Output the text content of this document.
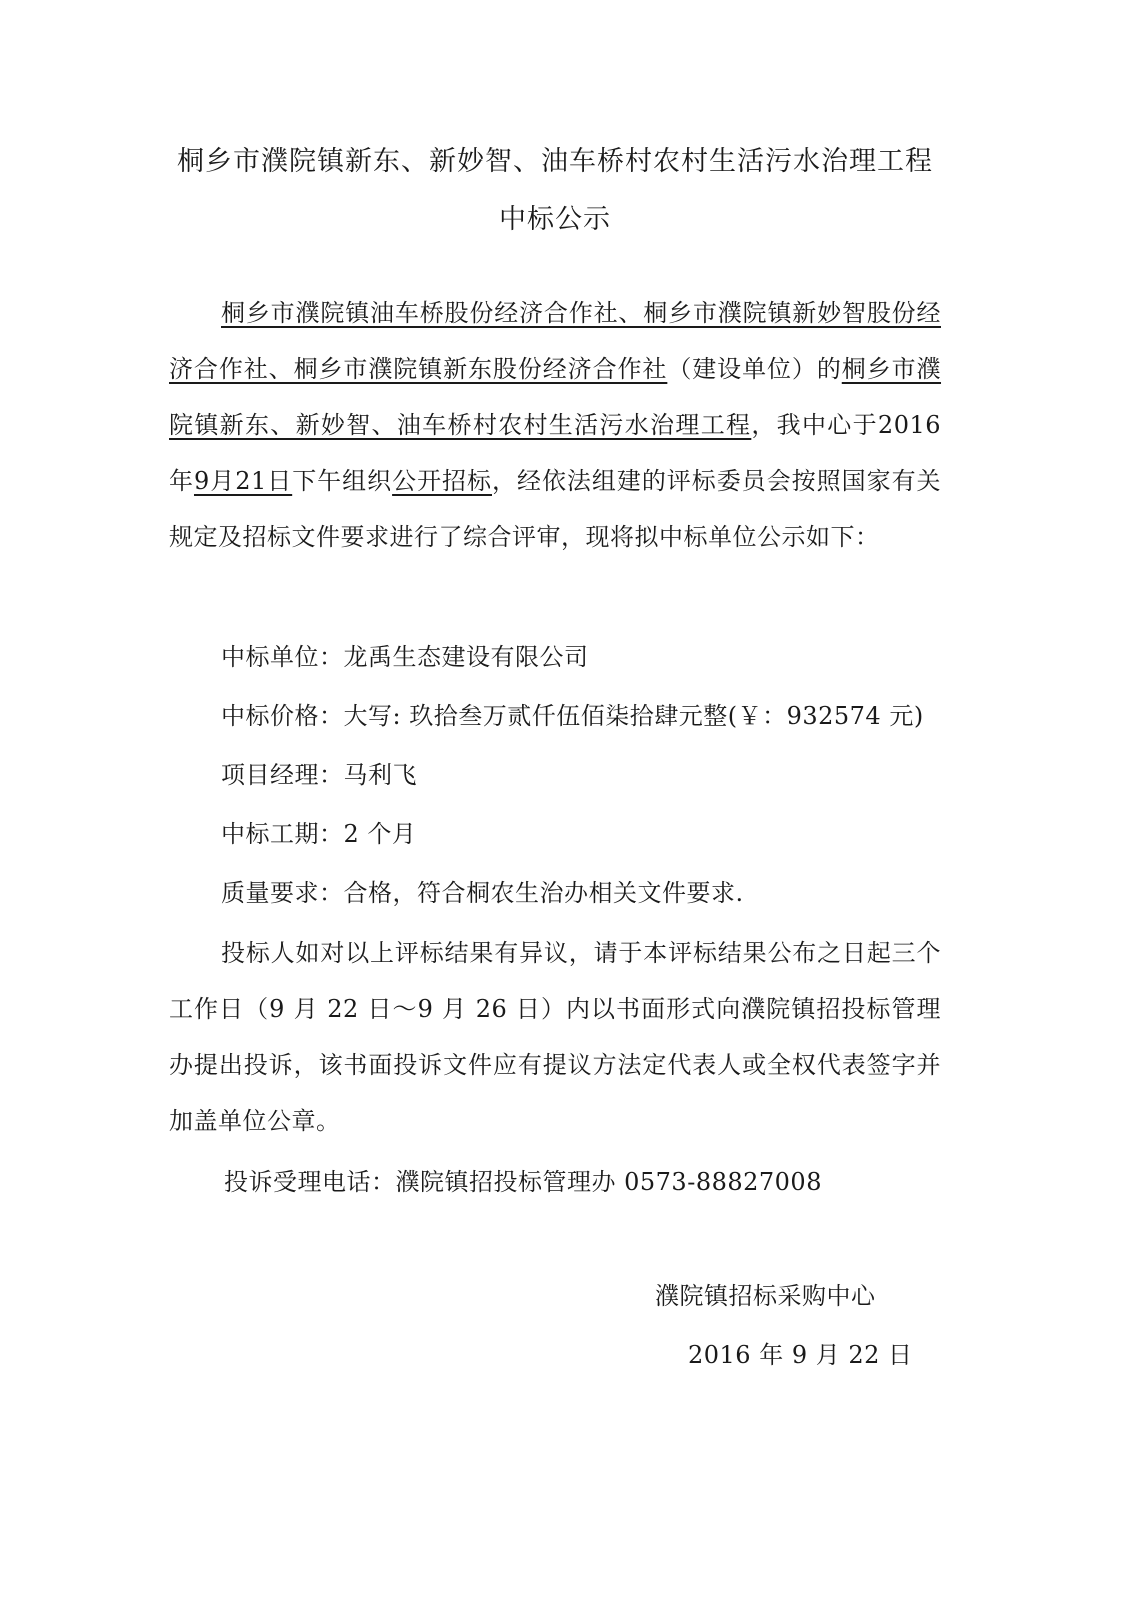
桐乡市濮院镇新东、新妙智、油车桥村农村生活污水治理工程
中标公示

桐乡市濮院镇油车桥股份经济合作社、桐乡市濮院镇新妙智股份经济合作社、桐乡市濮院镇新东股份经济合作社（建设单位）的桐乡市濮院镇新东、新妙智、油车桥村农村生活污水治理工程，我中心于2016年9月21日下午组织公开招标，经依法组建的评标委员会按照国家有关规定及招标文件要求进行了综合评审，现将拟中标单位公示如下：

中标单位：龙禹生态建设有限公司
中标价格：大写: 玖拾叁万贰仟伍佰柒拾肆元整(￥：932574 元)
项目经理：马利飞
中标工期：2 个月
质量要求：合格，符合桐农生治办相关文件要求.

投标人如对以上评标结果有异议，请于本评标结果公布之日起三个工作日（9 月 22 日～9 月 26 日）内以书面形式向濮院镇招投标管理办提出投诉，该书面投诉文件应有提议方法定代表人或全权代表签字并加盖单位公章。

投诉受理电话：濮院镇招投标管理办 0573-88827008
濮院镇招标采购中心
2016 年 9 月 22 日
